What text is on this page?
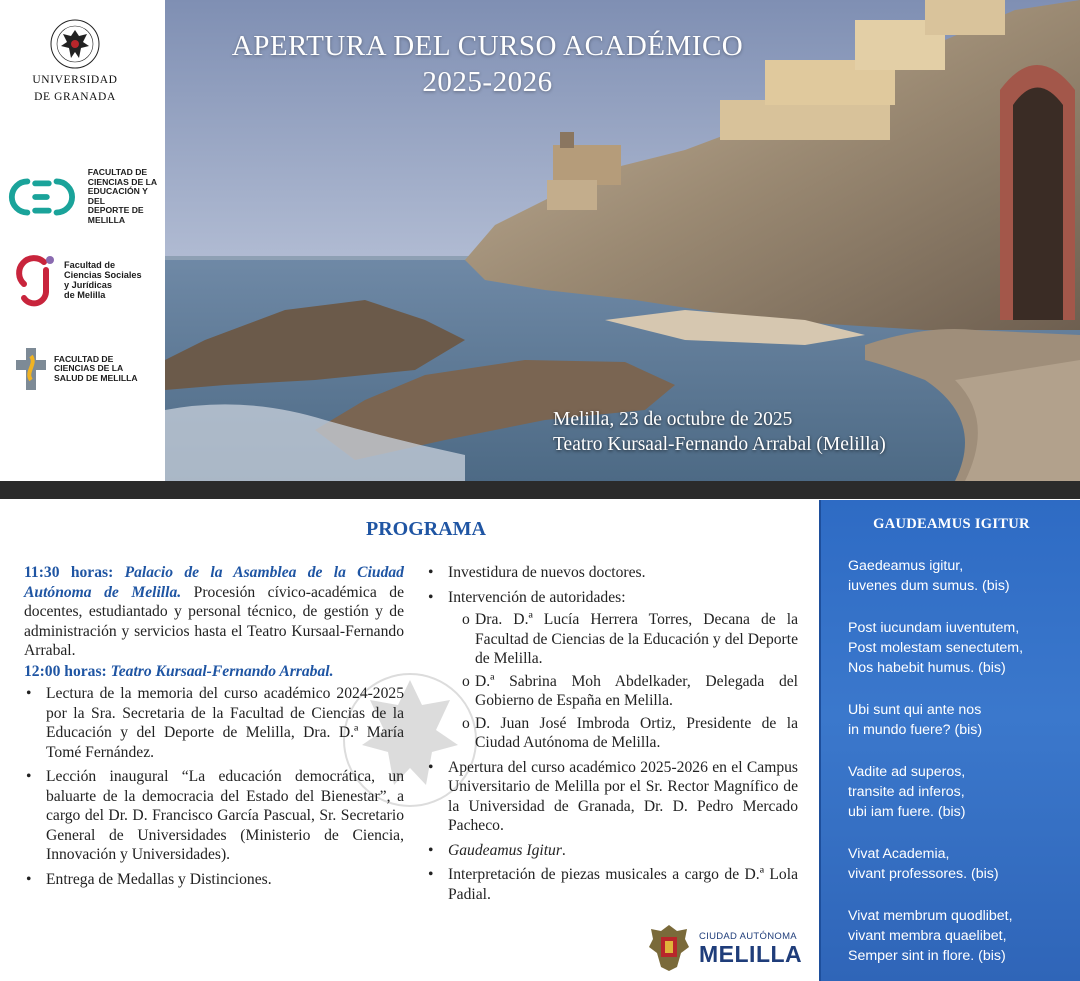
UNIVERSIDAD
DE GRANADA
FACULTAD DE
CIENCIAS DE LA
EDUCACIÓN Y DEL
DEPORTE DE
MELILLA
Facultad de
Ciencias Sociales
y Jurídicas
de Melilla
FACULTAD DE
CIENCIAS DE LA
SALUD DE MELILLA
APERTURA DEL CURSO ACADÉMICO
2025-2026
Melilla, 23 de octubre de 2025
Teatro Kursaal-Fernando Arrabal (Melilla)
PROGRAMA
11:30 horas: Palacio de la Asamblea de la Ciudad Autónoma de Melilla. Procesión cívico-académica de docentes, estudiantado y personal técnico, de gestión y de administración y servicios hasta el Teatro Kursaal-Fernando Arrabal.
12:00 horas: Teatro Kursaal-Fernando Arrabal.
• Lectura de la memoria del curso académico 2024-2025 por la Sra. Secretaria de la Facultad de Ciencias de la Educación y del Deporte de Melilla, Dra. D.ª María Tomé Fernández.
• Lección inaugural “La educación democrática, un baluarte de la democracia del Estado del Bienestar”, a cargo del Dr. D. Francisco García Pascual, Sr. Secretario General de Universidades (Ministerio de Ciencia, Innovación y Universidades).
• Entrega de Medallas y Distinciones.
• Investidura de nuevos doctores.
• Intervención de autoridades:
o Dra. D.ª Lucía Herrera Torres, Decana de la Facultad de Ciencias de la Educación y del Deporte de Melilla.
o D.ª Sabrina Moh Abdelkader, Delegada del Gobierno de España en Melilla.
o D. Juan José Imbroda Ortiz, Presidente de la Ciudad Autónoma de Melilla.
• Apertura del curso académico 2025-2026 en el Campus Universitario de Melilla por el Sr. Rector Magnífico de la Universidad de Granada, Dr. D. Pedro Mercado Pacheco.
• Gaudeamus Igitur.
• Interpretación de piezas musicales a cargo de D.ª Lola Padial.
CIUDAD AUTÓNOMA
MELILLA
GAUDEAMUS IGITUR
Gaedeamus igitur,
iuvenes dum sumus. (bis)
Post iucundam iuventutem,
Post molestam senectutem,
Nos habebit humus. (bis)
Ubi sunt qui ante nos
in mundo fuere? (bis)
Vadite ad superos,
transite ad inferos,
ubi iam fuere. (bis)
Vivat Academia,
vivant professores. (bis)
Vivat membrum quodlibet,
vivant membra quaelibet,
Semper sint in flore. (bis)
